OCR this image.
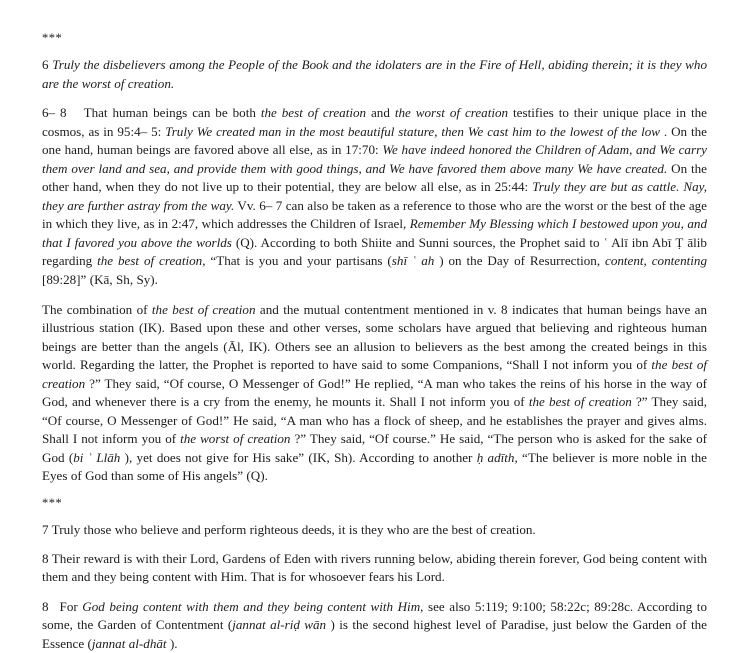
***

6 Truly the disbelievers among the People of the Book and the idolaters are in the Fire of Hell, abiding therein; it is they who are the worst of creation.

6– 8 That human beings can be both the best of creation and the worst of creation testifies to their unique place in the cosmos, as in 95:4– 5: Truly We created man in the most beautiful stature, then We cast him to the lowest of the low . On the one hand, human beings are favored above all else, as in 17:70: We have indeed honored the Children of Adam, and We carry them over land and sea, and provide them with good things, and We have favored them above many We have created. On the other hand, when they do not live up to their potential, they are below all else, as in 25:44: Truly they are but as cattle. Nay, they are further astray from the way. Vv. 6– 7 can also be taken as a reference to those who are the worst or the best of the age in which they live, as in 2:47, which addresses the Children of Israel, Remember My Blessing which I bestowed upon you, and that I favored you above the worlds (Q). According to both Shiite and Sunni sources, the Prophet said to ʿ Alī ibn Abī Ṭ ālib regarding the best of creation, “That is you and your partisans (shī ʿ ah ) on the Day of Resurrection, content, contenting [89:28]” (Kā, Sh, Sy).

The combination of the best of creation and the mutual contentment mentioned in v. 8 indicates that human beings have an illustrious station (IK). Based upon these and other verses, some scholars have argued that believing and righteous human beings are better than the angels (Āl, IK). Others see an allusion to believers as the best among the created beings in this world. Regarding the latter, the Prophet is reported to have said to some Companions, “Shall I not inform you of the best of creation ?” They said, “Of course, O Messenger of God!” He replied, “A man who takes the reins of his horse in the way of God, and whenever there is a cry from the enemy, he mounts it. Shall I not inform you of the best of creation ?” They said, “Of course, O Messenger of God!” He said, “A man who has a flock of sheep, and he establishes the prayer and gives alms. Shall I not inform you of the worst of creation ?” They said, “Of course.” He said, “The person who is asked for the sake of God (bi ʾ Llāh ), yet does not give for His sake” (IK, Sh). According to another ḥ adīth, “The believer is more noble in the Eyes of God than some of His angels” (Q).

***

7 Truly those who believe and perform righteous deeds, it is they who are the best of creation.

8 Their reward is with their Lord, Gardens of Eden with rivers running below, abiding therein forever, God being content with them and they being content with Him. That is for whosoever fears his Lord.

8 For God being content with them and they being content with Him, see also 5:119; 9:100; 58:22c; 89:28c. According to some, the Garden of Contentment (jannat al-riḍ wān ) is the second highest level of Paradise, just below the Garden of the Essence (jannat al-dhāt ).
